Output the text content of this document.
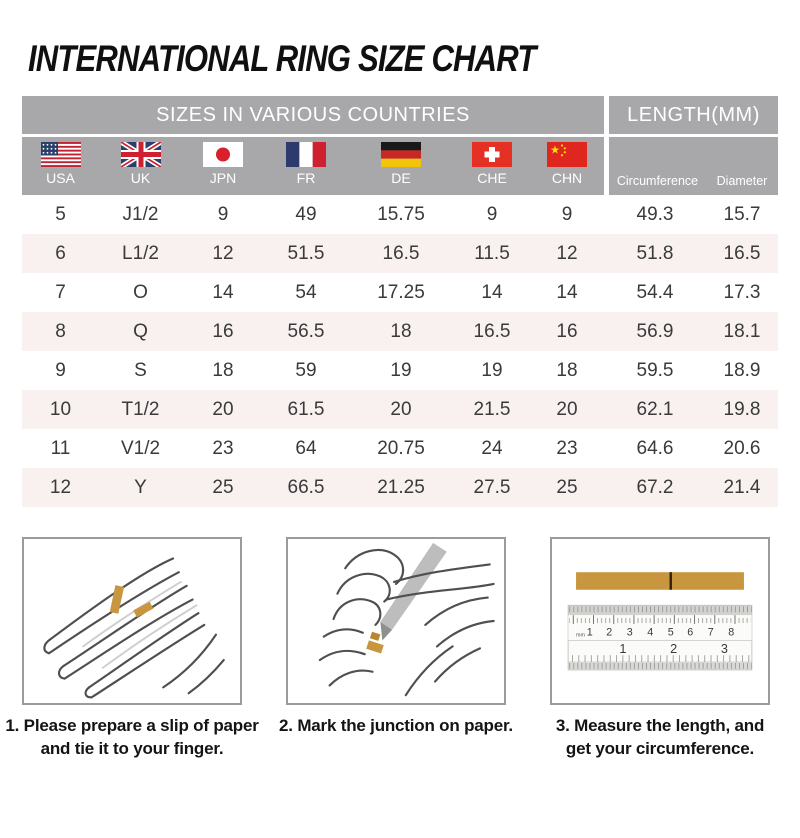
INTERNATIONAL RING SIZE CHART
SIZES IN VARIOUS COUNTRIES	LENGTH(MM)
USA	UK	JPN	FR	DE	CHE	CHN	Circumference	Diameter
5	J1/2	9	49	15.75	9	9	49.3	15.7
6	L1/2	12	51.5	16.5	11.5	12	51.8	16.5
7	O	14	54	17.25	14	14	54.4	17.3
8	Q	16	56.5	18	16.5	16	56.9	18.1
9	S	18	59	19	19	18	59.5	18.9
10	T1/2	20	61.5	20	21.5	20	62.1	19.8
11	V1/2	23	64	20.75	24	23	64.6	20.6
12	Y	25	66.5	21.25	27.5	25	67.2	21.4
1. Please prepare a slip of paper
and tie it to your finger.
2. Mark the junction on paper.
1 2 3 4 5 6 7 8
1	2	3
mm
3. Measure the length, and
get your circumference.
